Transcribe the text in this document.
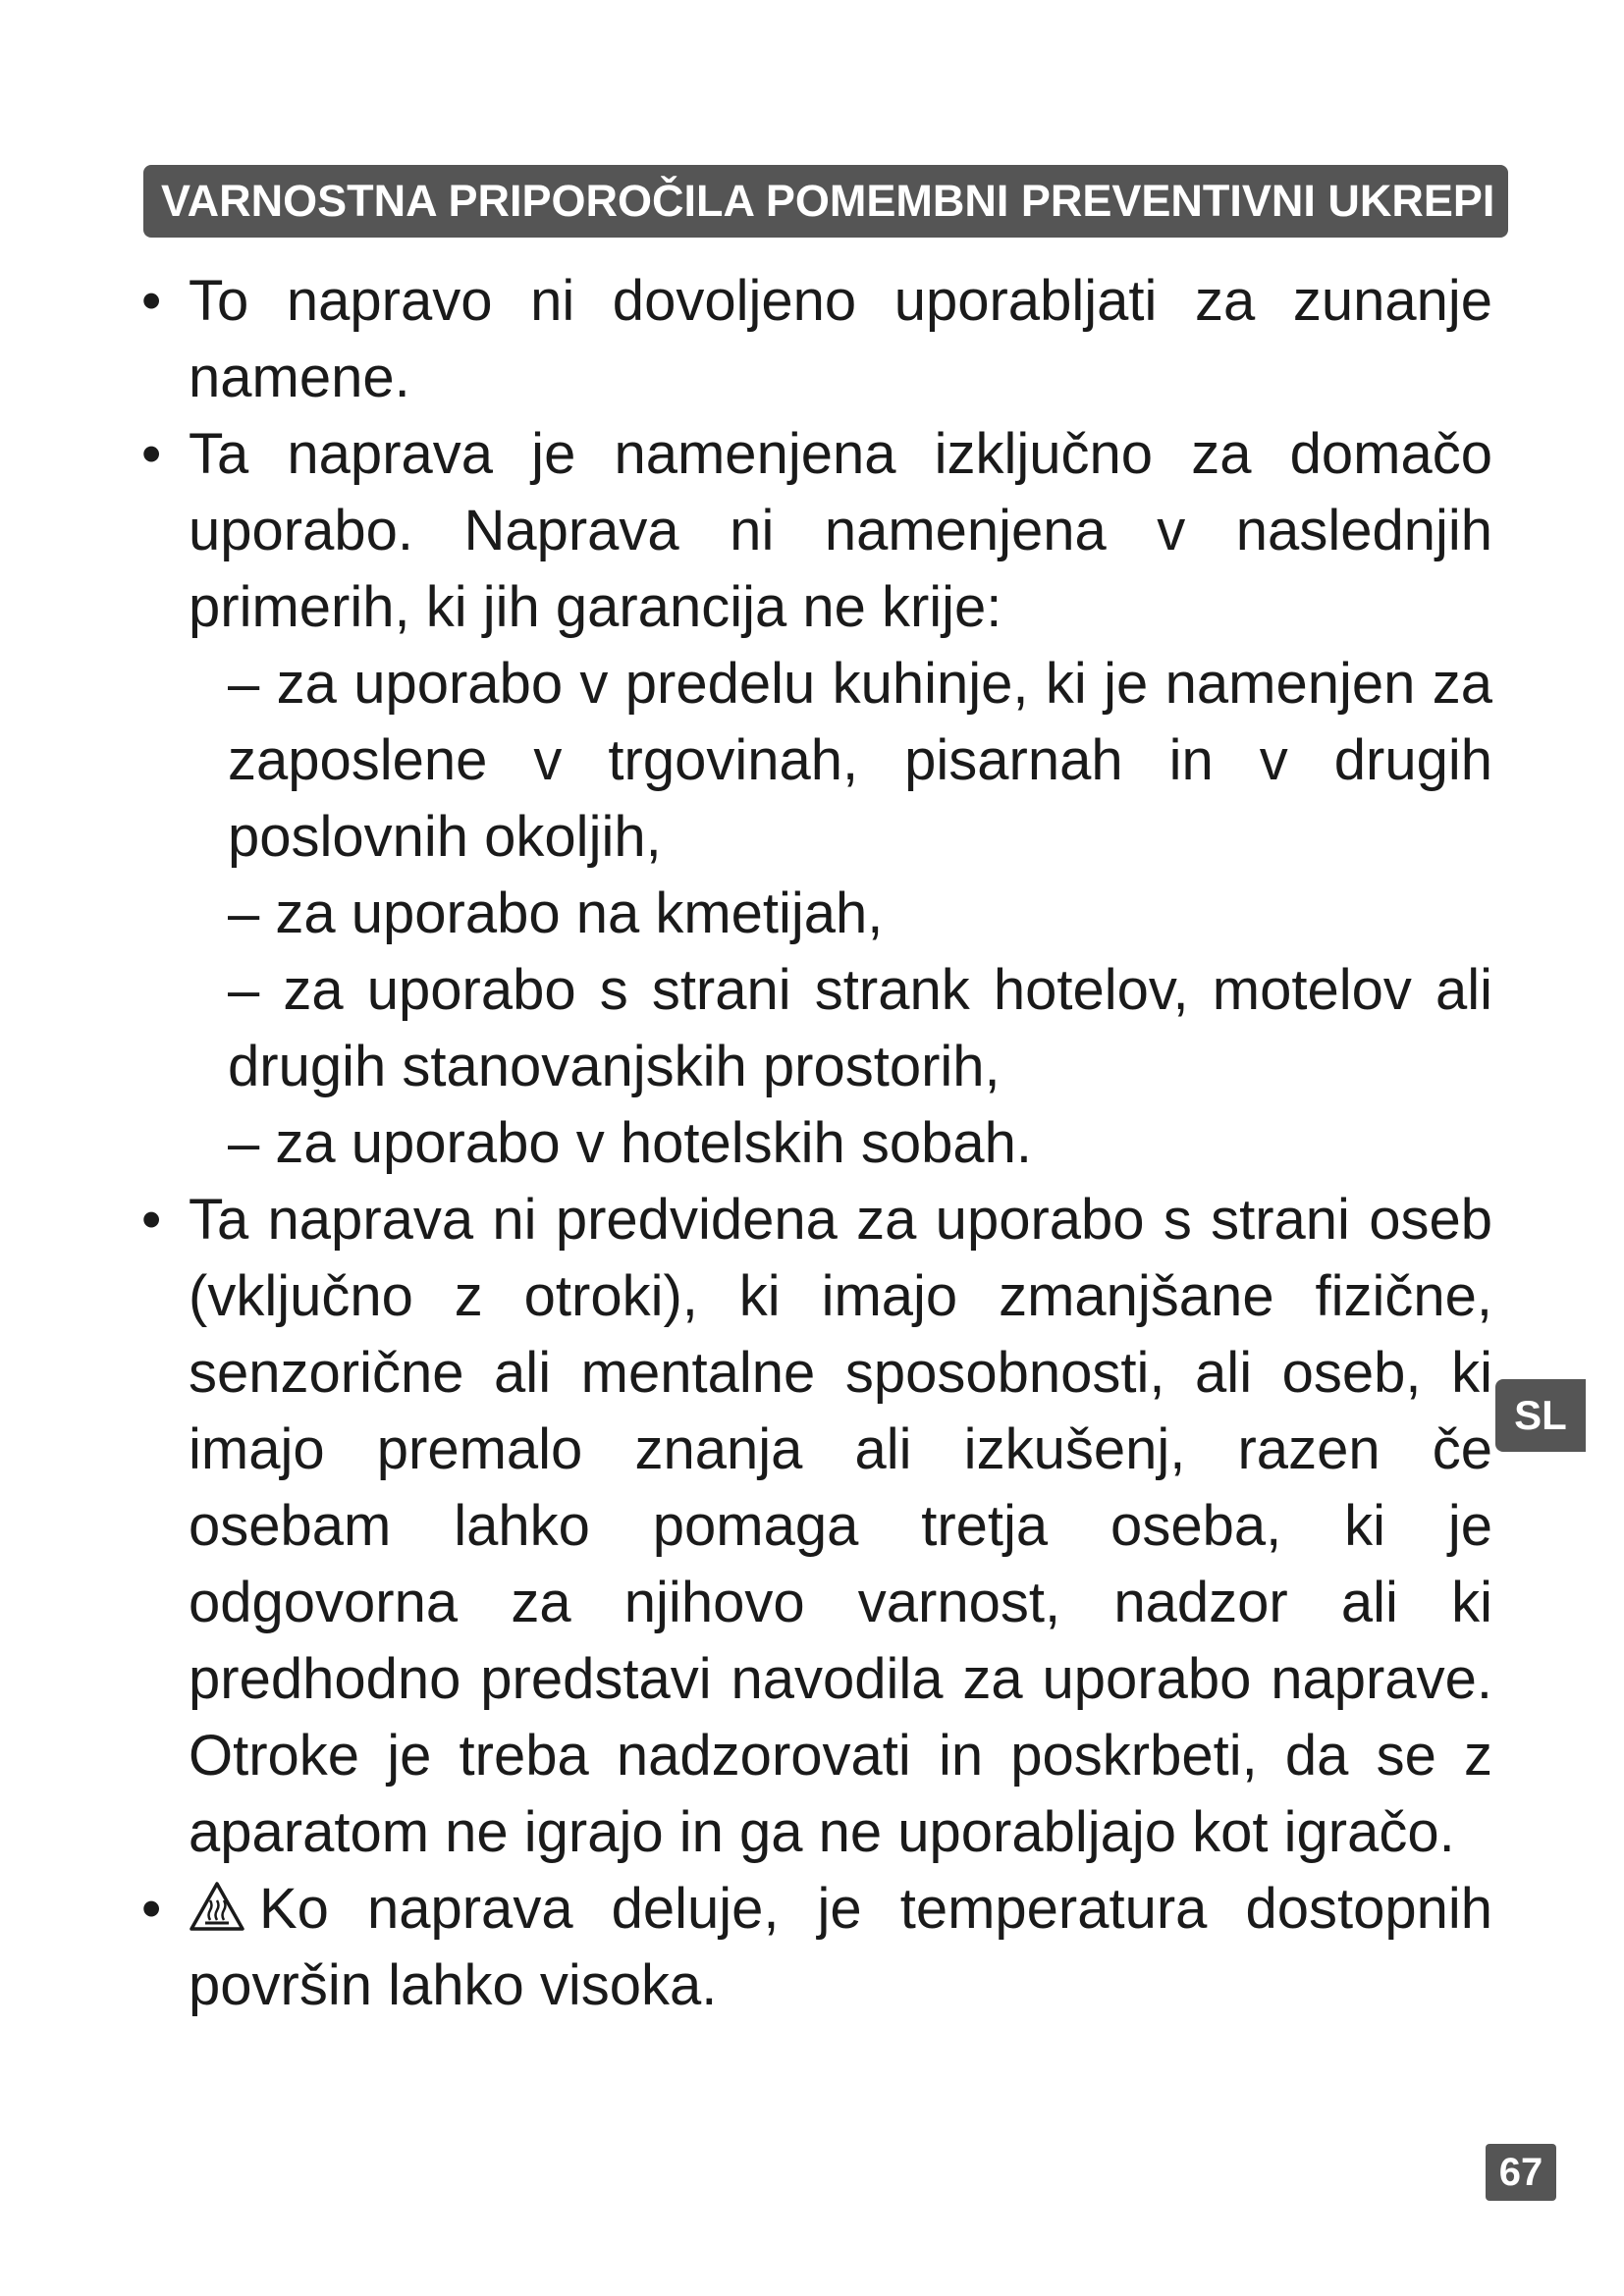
VARNOSTNA PRIPOROČILA POMEMBNI PREVENTIVNI UKREPI
• To napravo ni dovoljeno uporabljati za zunanje namene.
• Ta naprava je namenjena izključno za domačo uporabo. Naprava ni namenjena v naslednjih primerih, ki jih garancija ne krije:
– za uporabo v predelu kuhinje, ki je namenjen za zaposlene v trgovinah, pisarnah in v drugih poslovnih okoljih,
– za uporabo na kmetijah,
– za uporabo s strani strank hotelov, motelov ali drugih stanovanjskih prostorih,
– za uporabo v hotelskih sobah.
• Ta naprava ni predvidena za uporabo s strani oseb (vključno z otroki), ki imajo zmanjšane fizične, senzorične ali mentalne sposobnosti, ali oseb, ki imajo premalo znanja ali izkušenj, razen če osebam lahko pomaga tretja oseba, ki je odgovorna za njihovo varnost, nadzor ali ki predhodno predstavi navodila za uporabo naprave. Otroke je treba nadzorovati in poskrbeti, da se z aparatom ne igrajo in ga ne uporabljajo kot igračo.
• Ko naprava deluje, je temperatura dostopnih površin lahko visoka.
SL
67
